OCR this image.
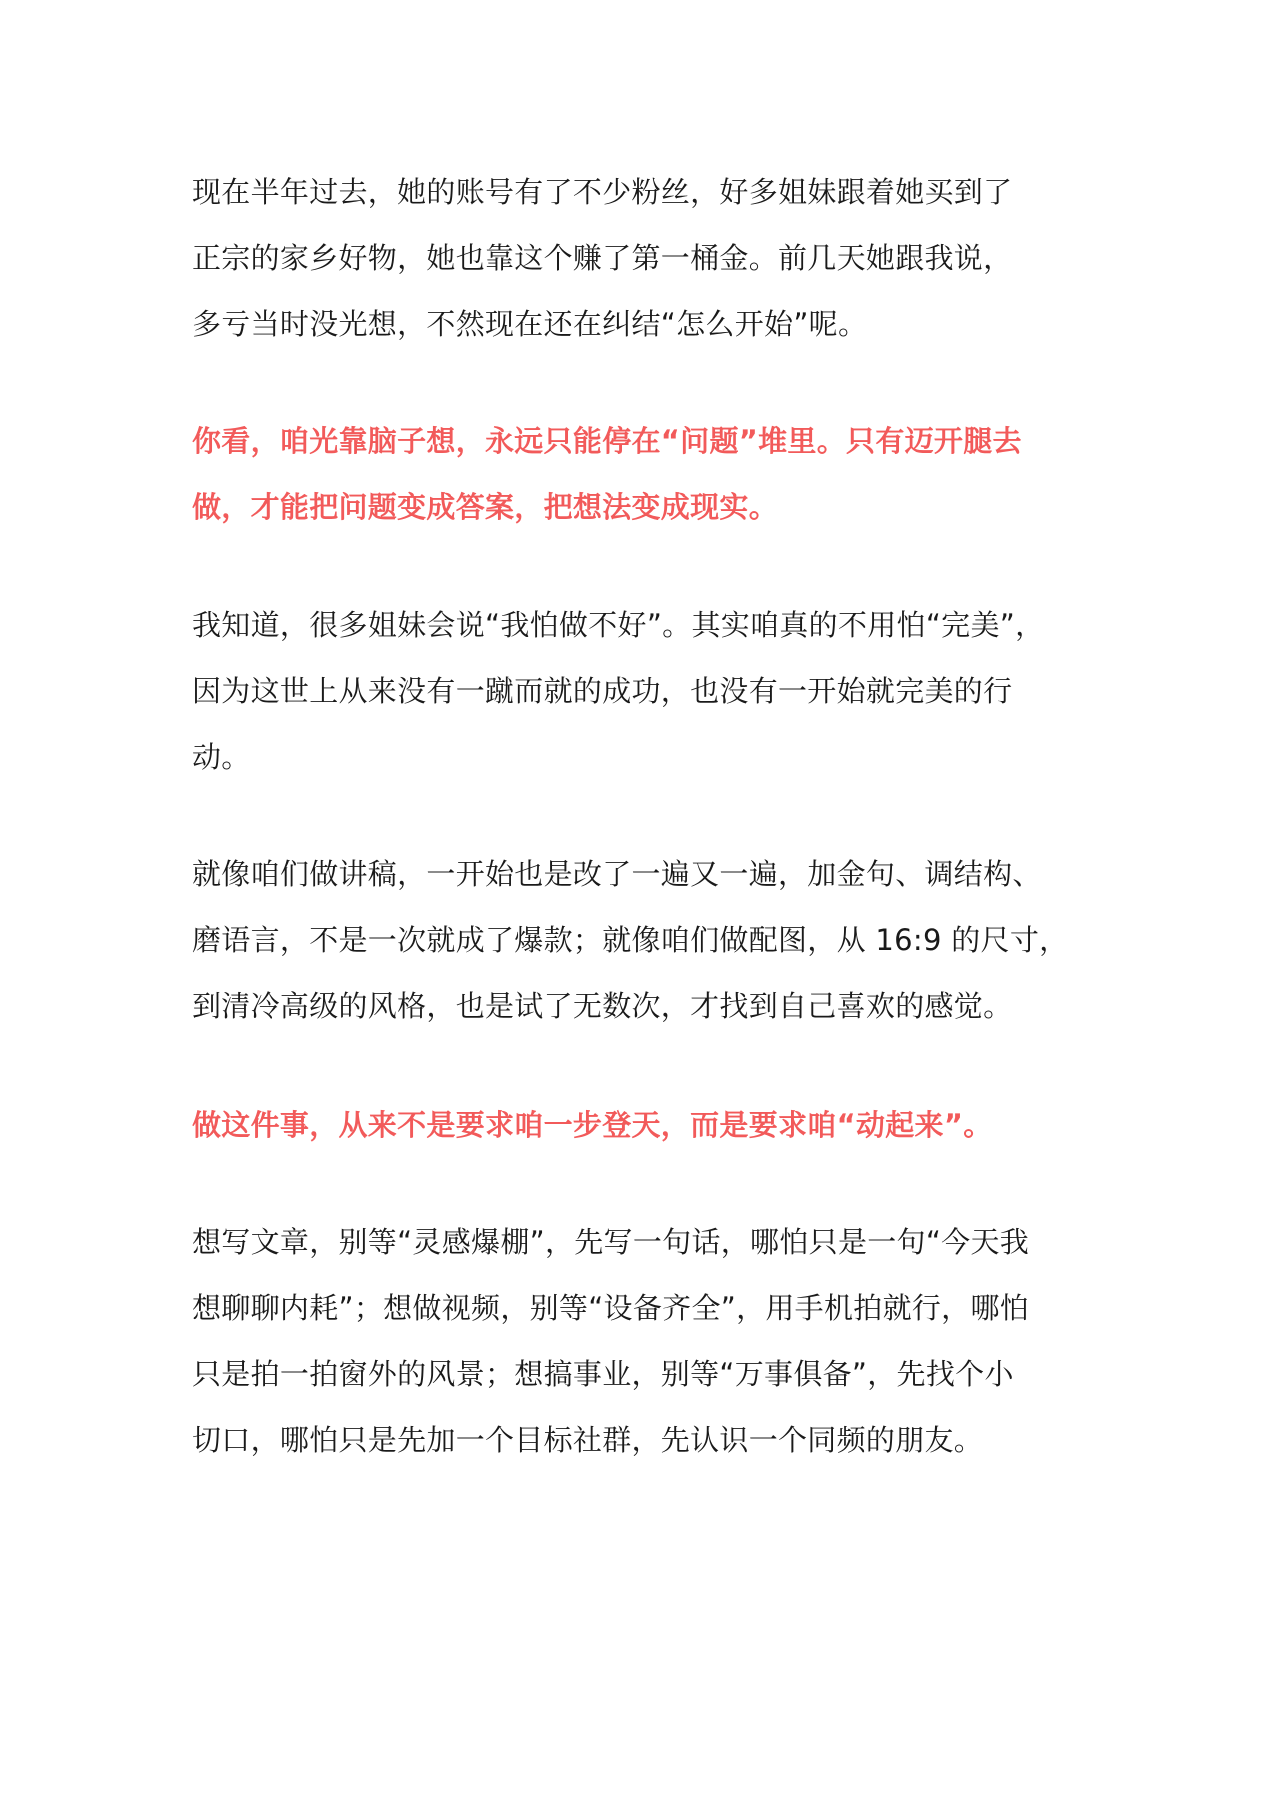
现在半年过去，她的账号有了不少粉丝，好多姐妹跟着她买到了
正宗的家乡好物，她也靠这个赚了第一桶金。前几天她跟我说，
多亏当时没光想，不然现在还在纠结“怎么开始”呢。

你看，咱光靠脑子想，永远只能停在“问题”堆里。只有迈开腿去
做，才能把问题变成答案，把想法变成现实。

我知道，很多姐妹会说“我怕做不好”。其实咱真的不用怕“完美”，
因为这世上从来没有一蹴而就的成功，也没有一开始就完美的行
动。

就像咱们做讲稿，一开始也是改了一遍又一遍，加金句、调结构、
磨语言，不是一次就成了爆款；就像咱们做配图，从 16:9 的尺寸，
到清冷高级的风格，也是试了无数次，才找到自己喜欢的感觉。

做这件事，从来不是要求咱一步登天，而是要求咱“动起来”。

想写文章，别等“灵感爆棚”，先写一句话，哪怕只是一句“今天我
想聊聊内耗”；想做视频，别等“设备齐全”，用手机拍就行，哪怕
只是拍一拍窗外的风景；想搞事业，别等“万事俱备”，先找个小
切口，哪怕只是先加一个目标社群，先认识一个同频的朋友。
